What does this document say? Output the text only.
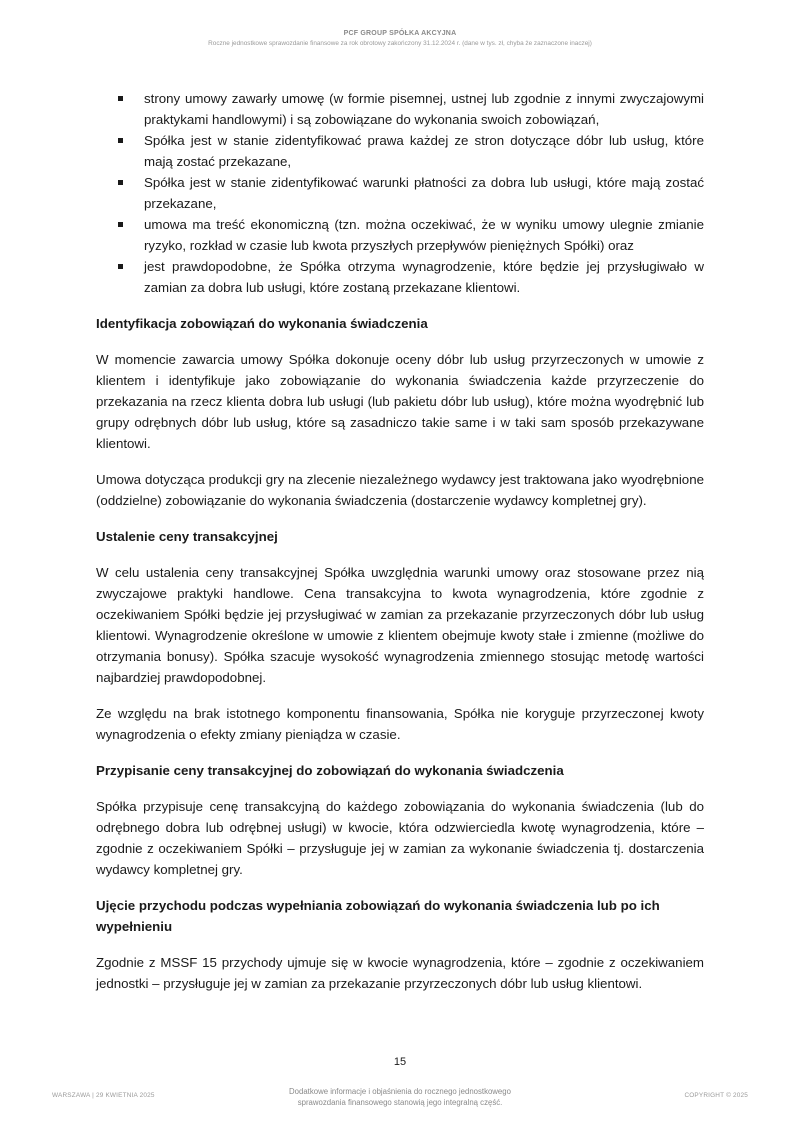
PCF GROUP SPÓŁKA AKCYJNA
Roczne jednostkowe sprawozdanie finansowe za rok obrotowy zakończony 31.12.2024 r. (dane w tys. zł, chyba że zaznaczone inaczej)
strony umowy zawarły umowę (w formie pisemnej, ustnej lub zgodnie z innymi zwyczajowymi praktykami handlowymi) i są zobowiązane do wykonania swoich zobowiązań,
Spółka jest w stanie zidentyfikować prawa każdej ze stron dotyczące dóbr lub usług, które mają zostać przekazane,
Spółka jest w stanie zidentyfikować warunki płatności za dobra lub usługi, które mają zostać przekazane,
umowa ma treść ekonomiczną (tzn. można oczekiwać, że w wyniku umowy ulegnie zmianie ryzyko, rozkład w czasie lub kwota przyszłych przepływów pieniężnych Spółki) oraz
jest prawdopodobne, że Spółka otrzyma wynagrodzenie, które będzie jej przysługiwało w zamian za dobra lub usługi, które zostaną przekazane klientowi.

Identyfikacja zobowiązań do wykonania świadczenia

W momencie zawarcia umowy Spółka dokonuje oceny dóbr lub usług przyrzeczonych w umowie z klientem i identyfikuje jako zobowiązanie do wykonania świadczenia każde przyrzeczenie do przekazania na rzecz klienta dobra lub usługi (lub pakietu dóbr lub usług), które można wyodrębnić lub grupy odrębnych dóbr lub usług, które są zasadniczo takie same i w taki sam sposób przekazywane klientowi.

Umowa dotycząca produkcji gry na zlecenie niezależnego wydawcy jest traktowana jako wyodrębnione (oddzielne) zobowiązanie do wykonania świadczenia (dostarczenie wydawcy kompletnej gry).

Ustalenie ceny transakcyjnej

W celu ustalenia ceny transakcyjnej Spółka uwzględnia warunki umowy oraz stosowane przez nią zwyczajowe praktyki handlowe. Cena transakcyjna to kwota wynagrodzenia, które zgodnie z oczekiwaniem Spółki będzie jej przysługiwać w zamian za przekazanie przyrzeczonych dóbr lub usług klientowi. Wynagrodzenie określone w umowie z klientem obejmuje kwoty stałe i zmienne (możliwe do otrzymania bonusy). Spółka szacuje wysokość wynagrodzenia zmiennego stosując metodę wartości najbardziej prawdopodobnej.

Ze względu na brak istotnego komponentu finansowania, Spółka nie koryguje przyrzeczonej kwoty wynagrodzenia o efekty zmiany pieniądza w czasie.

Przypisanie ceny transakcyjnej do zobowiązań do wykonania świadczenia

Spółka przypisuje cenę transakcyjną do każdego zobowiązania do wykonania świadczenia (lub do odrębnego dobra lub odrębnej usługi) w kwocie, która odzwierciedla kwotę wynagrodzenia, które – zgodnie z oczekiwaniem Spółki – przysługuje jej w zamian za wykonanie świadczenia tj. dostarczenia wydawcy kompletnej gry.

Ujęcie przychodu podczas wypełniania zobowiązań do wykonania świadczenia lub po ich wypełnieniu

Zgodnie z MSSF 15 przychody ujmuje się w kwocie wynagrodzenia, które – zgodnie z oczekiwaniem jednostki – przysługuje jej w zamian za przekazanie przyrzeczonych dóbr lub usług klientowi.

15
WARSZAWA | 29 KWIETNIA 2025	Dodatkowe informacje i objaśnienia do rocznego jednostkowego
sprawozdania finansowego stanowią jego integralną część.
COPYRIGHT © 2025
